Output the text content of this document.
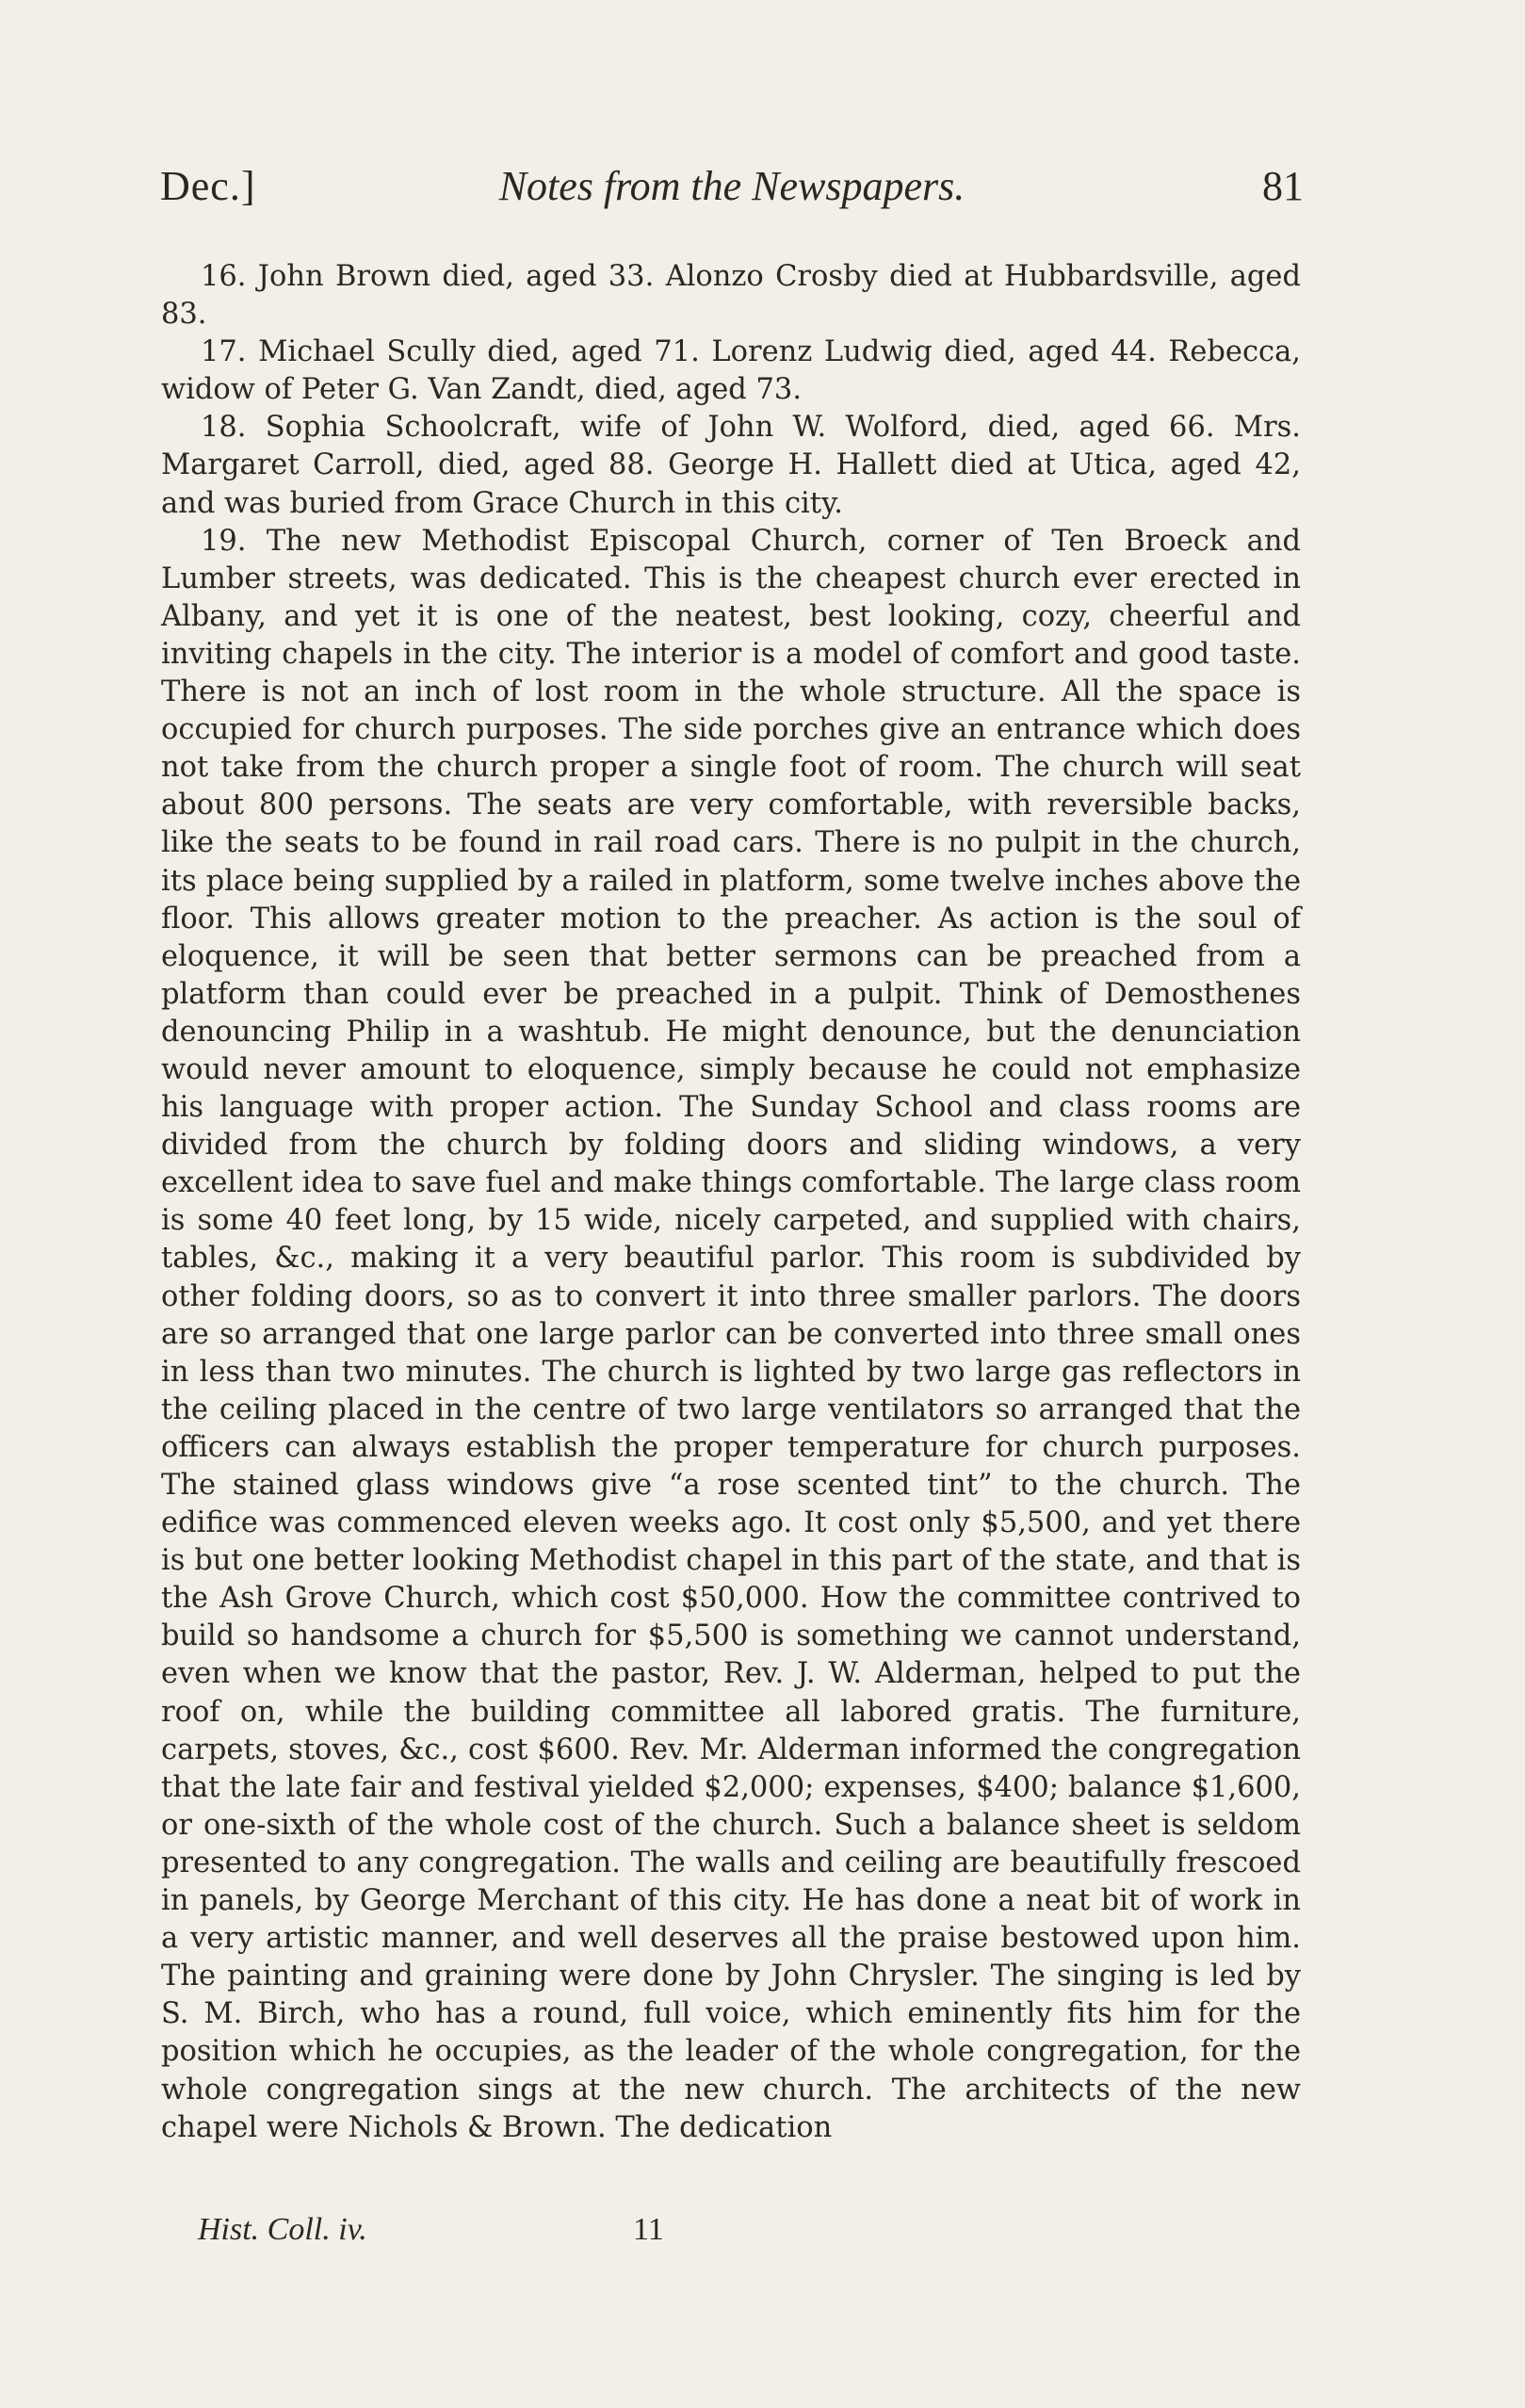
Dec.]	Notes from the Newspapers.	81

16. John Brown died, aged 33. Alonzo Crosby died at Hubbardsville, aged 83.

17. Michael Scully died, aged 71. Lorenz Ludwig died, aged 44. Rebecca, widow of Peter G. Van Zandt, died, aged 73.

18. Sophia Schoolcraft, wife of John W. Wolford, died, aged 66. Mrs. Margaret Carroll, died, aged 88. George H. Hallett died at Utica, aged 42, and was buried from Grace Church in this city.

19. The new Methodist Episcopal Church, corner of Ten Broeck and Lumber streets, was dedicated. This is the cheapest church ever erected in Albany, and yet it is one of the neatest, best looking, cozy, cheerful and inviting chapels in the city. The interior is a model of comfort and good taste. There is not an inch of lost room in the whole structure. All the space is occupied for church purposes. The side porches give an entrance which does not take from the church proper a single foot of room. The church will seat about 800 persons. The seats are very comfortable, with reversible backs, like the seats to be found in rail road cars. There is no pulpit in the church, its place being supplied by a railed in platform, some twelve inches above the floor. This allows greater motion to the preacher. As action is the soul of eloquence, it will be seen that better sermons can be preached from a platform than could ever be preached in a pulpit. Think of Demosthenes denouncing Philip in a washtub. He might denounce, but the denunciation would never amount to eloquence, simply because he could not emphasize his language with proper action. The Sunday School and class rooms are divided from the church by folding doors and sliding windows, a very excellent idea to save fuel and make things comfortable. The large class room is some 40 feet long, by 15 wide, nicely carpeted, and supplied with chairs, tables, &c., making it a very beautiful parlor. This room is subdivided by other folding doors, so as to convert it into three smaller parlors. The doors are so arranged that one large parlor can be converted into three small ones in less than two minutes. The church is lighted by two large gas reflectors in the ceiling placed in the centre of two large ventilators so arranged that the officers can always establish the proper temperature for church purposes. The stained glass windows give “a rose scented tint” to the church. The edifice was commenced eleven weeks ago. It cost only $5,500, and yet there is but one better looking Methodist chapel in this part of the state, and that is the Ash Grove Church, which cost $50,000. How the committee contrived to build so handsome a church for $5,500 is something we cannot understand, even when we know that the pastor, Rev. J. W. Alderman, helped to put the roof on, while the building committee all labored gratis. The furniture, carpets, stoves, &c., cost $600. Rev. Mr. Alderman informed the congregation that the late fair and festival yielded $2,000; expenses, $400; balance $1,600, or one-sixth of the whole cost of the church. Such a balance sheet is seldom presented to any congregation. The walls and ceiling are beautifully frescoed in panels, by George Merchant of this city. He has done a neat bit of work in a very artistic manner, and well deserves all the praise bestowed upon him. The painting and graining were done by John Chrysler. The singing is led by S. M. Birch, who has a round, full voice, which eminently fits him for the position which he occupies, as the leader of the whole congregation, for the whole congregation sings at the new church. The architects of the new chapel were Nichols & Brown. The dedication

Hist. Coll. iv.	11
